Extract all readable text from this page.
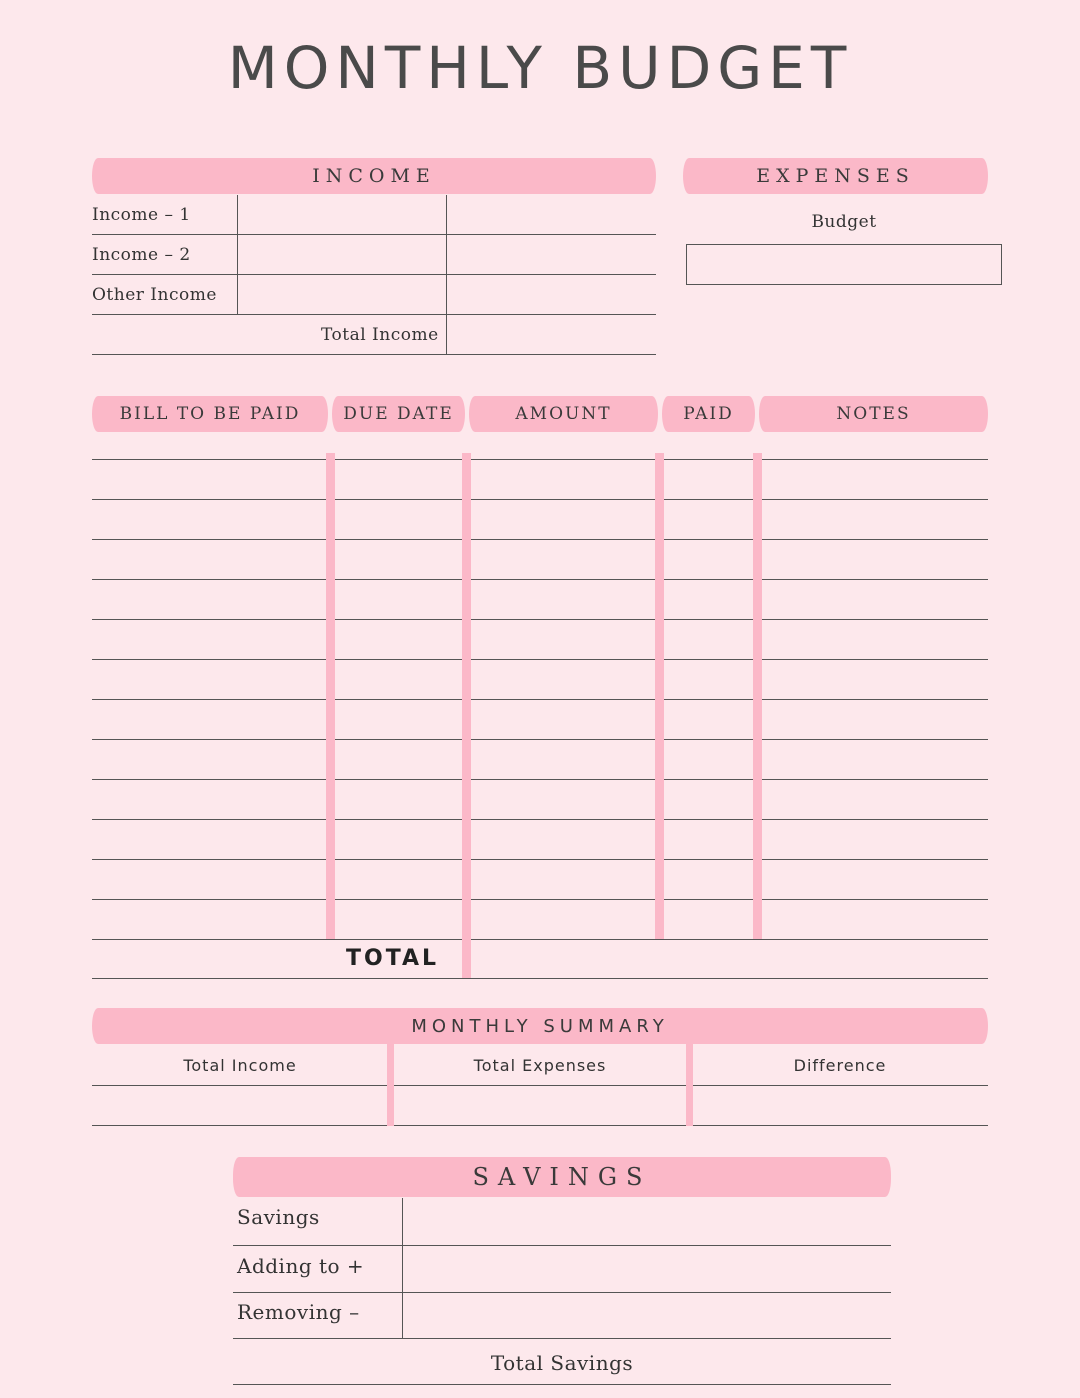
MONTHLY BUDGET
INCOME
Income – 1
Income – 2
Other Income
Total Income
EXPENSES
Budget
BILL TO BE PAID	DUE DATE	AMOUNT	PAID	NOTES
TOTAL
MONTHLY SUMMARY
Total Income	Total Expenses	Difference
SAVINGS
Savings
Adding to +
Removing –
Total Savings
